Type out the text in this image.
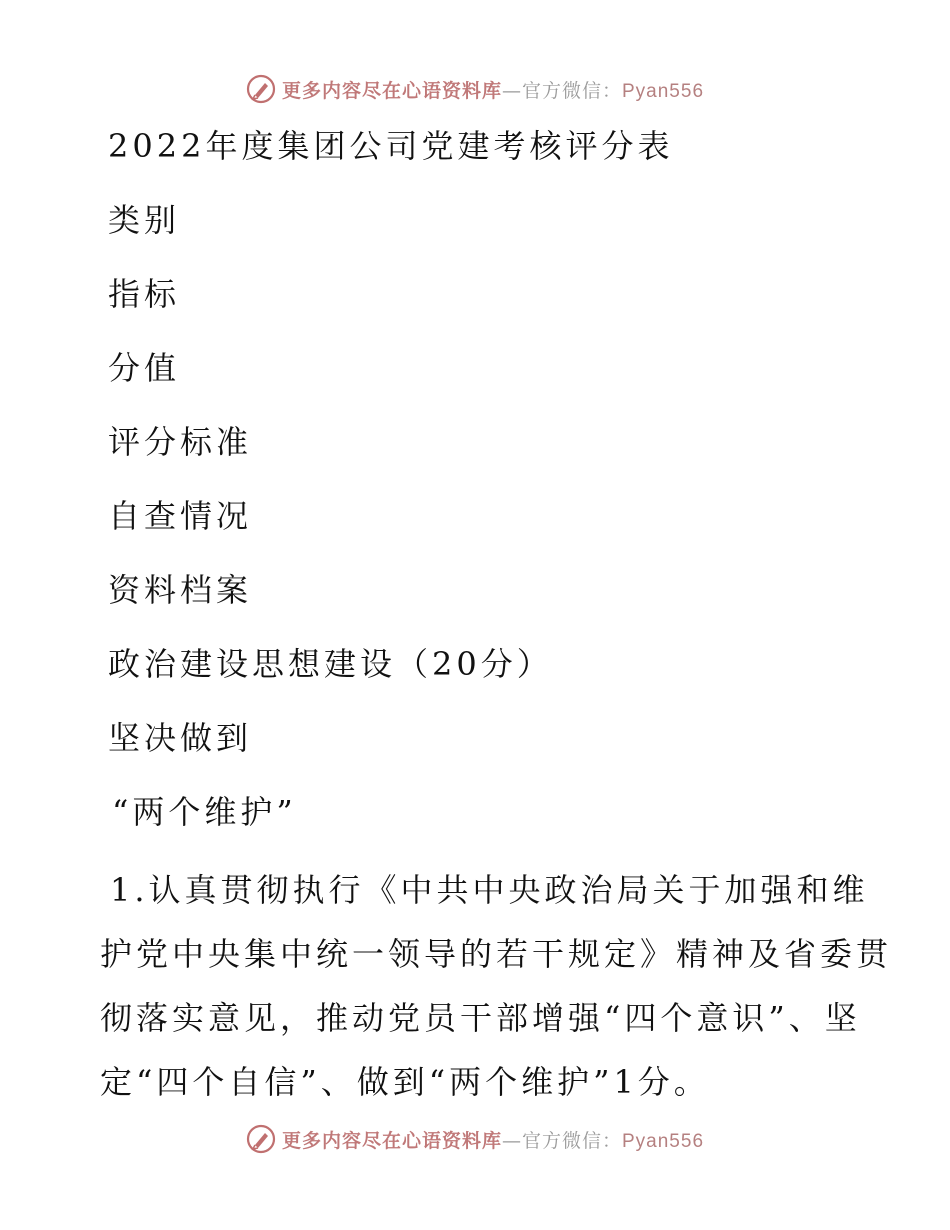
更多内容尽在心语资料库—官方微信：Pyan556
2022年度集团公司党建考核评分表
类别
指标
分值
评分标准
自查情况
资料档案
政治建设思想建设（20分）
坚决做到
“两个维护”
1.认真贯彻执行《中共中央政治局关于加强和维
护党中央集中统一领导的若干规定》精神及省委贯
彻落实意见，推动党员干部增强“四个意识”、坚
定“四个自信”、做到“两个维护”1分。
更多内容尽在心语资料库—官方微信：Pyan556
